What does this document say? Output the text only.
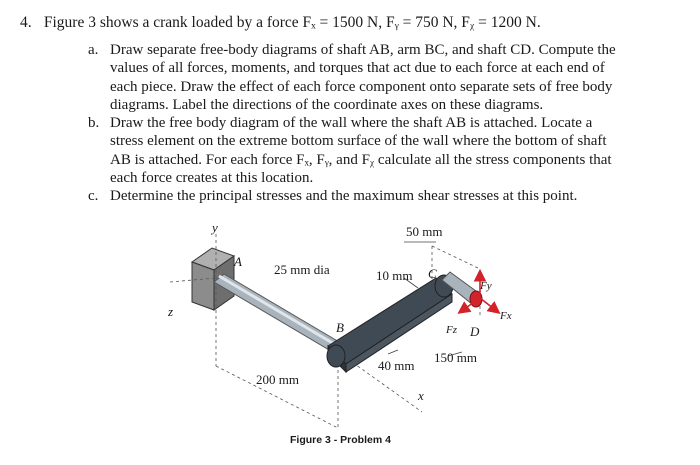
4. Figure 3 shows a crank loaded by a force Fₓ = 1500 N, Fᵧ = 750 N, Fᵪ = 1200 N.
a. Draw separate free-body diagrams of shaft AB, arm BC, and shaft CD. Compute the
values of all forces, moments, and torques that act due to each force at each end of
each piece. Draw the effect of each force component onto separate sets of free body
diagrams. Label the directions of the coordinate axes on these diagrams.
b. Draw the free body diagram of the wall where the shaft AB is attached. Locate a
stress element on the extreme bottom surface of the wall where the bottom of shaft
AB is attached. For each force Fₓ, Fᵧ, and Fᵪ calculate all the stress components that
each force creates at this location.
c. Determine the principal stresses and the maximum shear stresses at this point.
y
z
x
A
B
C
D
25 mm dia
50 mm
10 mm
40 mm
150 mm
200 mm
Fy
Fx
Fz
Figure 3 - Problem 4
